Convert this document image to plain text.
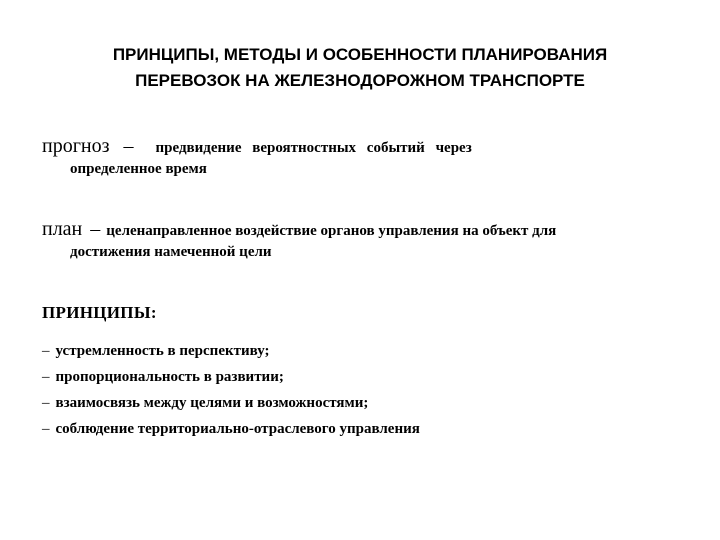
ПРИНЦИПЫ, МЕТОДЫ И ОСОБЕННОСТИ ПЛАНИРОВАНИЯ
ПЕРЕВОЗОК НА ЖЕЛЕЗНОДОРОЖНОМ ТРАНСПОРТЕ
прогноз – предвидение вероятностных событий через
определенное время
план – целенаправленное воздействие органов управления на объект для
достижения намеченной цели
ПРИНЦИПЫ:
– устремленность в перспективу;
– пропорциональность в развитии;
– взаимосвязь между целями и возможностями;
– соблюдение территориально-отраслевого управления
